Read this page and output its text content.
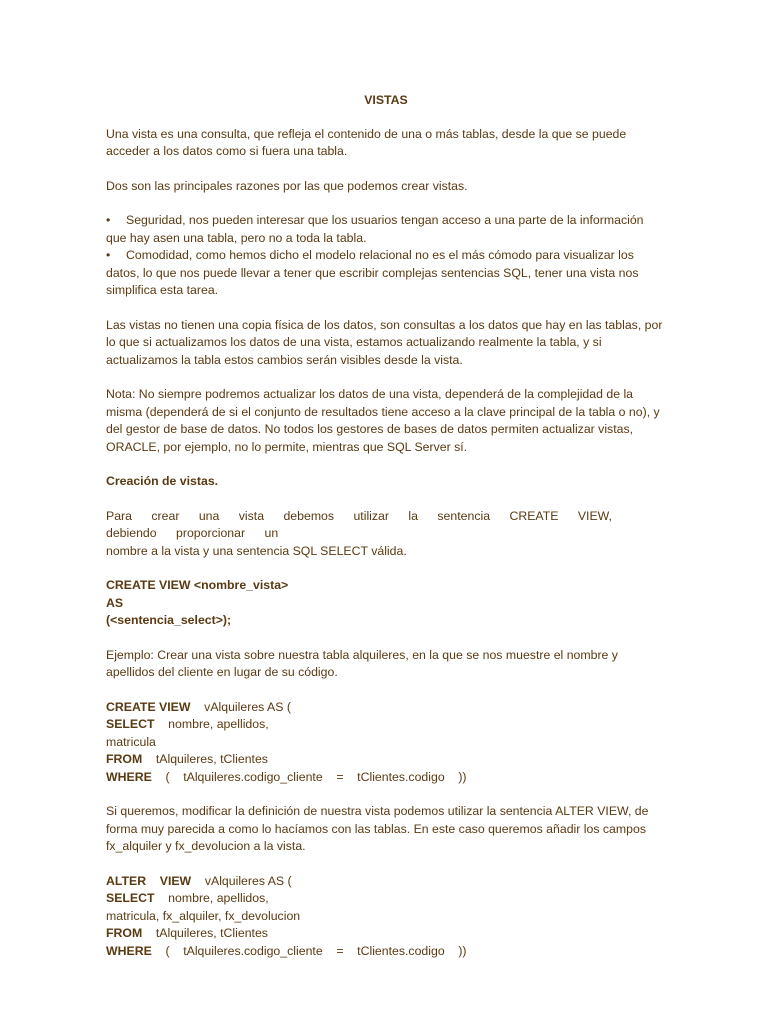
VISTAS

Una vista es una consulta, que refleja el contenido de una o más tablas, desde la que se puede acceder a los datos como si fuera una tabla.

Dos son las principales razones por las que podemos crear vistas.

• Seguridad, nos pueden interesar que los usuarios tengan acceso a una parte de la información que hay asen una tabla, pero no a toda la tabla.

• Comodidad, como hemos dicho el modelo relacional no es el más cómodo para visualizar los datos, lo que nos puede llevar a tener que escribir complejas sentencias SQL, tener una vista nos simplifica esta tarea.

Las vistas no tienen una copia física de los datos, son consultas a los datos que hay en las tablas, por lo que si actualizamos los datos de una vista, estamos actualizando realmente la tabla, y si actualizamos la tabla estos cambios serán visibles desde la vista.

Nota: No siempre podremos actualizar los datos de una vista, dependerá de la complejidad de la misma (dependerá de si el conjunto de resultados tiene acceso a la clave principal de la tabla o no), y del gestor de base de datos. No todos los gestores de bases de datos permiten actualizar vistas, ORACLE, por ejemplo, no lo permite, mientras que SQL Server sí.

Creación de vistas.

Para crear una vista debemos utilizar la sentencia CREATE VIEW, debiendo proporcionar un

nombre a la vista y una sentencia SQL SELECT válida.

CREATE VIEW <nombre_vista>

AS

(<sentencia_select>);

Ejemplo: Crear una vista sobre nuestra tabla alquileres, en la que se nos muestre el nombre y apellidos del cliente en lugar de su código.

CREATE VIEW    vAlquileres AS (

SELECT    nombre, apellidos,

matricula

FROM    tAlquileres, tClientes

WHERE    (    tAlquileres.codigo_cliente    =    tClientes.codigo    ))

Si queremos, modificar la definición de nuestra vista podemos utilizar la sentencia ALTER VIEW, de forma muy parecida a como lo hacíamos con las tablas. En este caso queremos añadir los campos fx_alquiler y fx_devolucion a la vista.

ALTER    VIEW    vAlquileres AS (

SELECT    nombre, apellidos,

matricula, fx_alquiler, fx_devolucion

FROM    tAlquileres, tClientes

WHERE    (    tAlquileres.codigo_cliente    =    tClientes.codigo    ))
